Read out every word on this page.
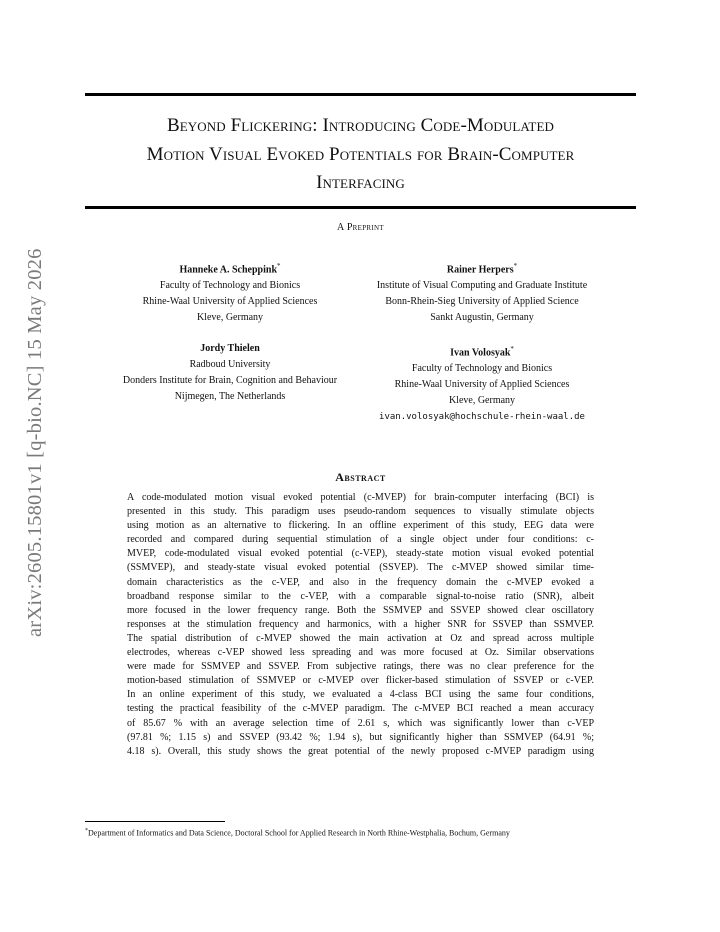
arXiv:2605.15801v1 [q-bio.NC] 15 May 2026
Beyond Flickering: Introducing Code-Modulated
Motion Visual Evoked Potentials for Brain-Computer
Interfacing
A Preprint
Hanneke A. Scheppink*
Faculty of Technology and Bionics
Rhine-Waal University of Applied Sciences
Kleve, Germany
Rainer Herpers*
Institute of Visual Computing and Graduate Institute
Bonn-Rhein-Sieg University of Applied Science
Sankt Augustin, Germany
Jordy Thielen
Radboud University
Donders Institute for Brain, Cognition and Behaviour
Nijmegen, The Netherlands
Ivan Volosyak*
Faculty of Technology and Bionics
Rhine-Waal University of Applied Sciences
Kleve, Germany
ivan.volosyak@hochschule-rhein-waal.de
Abstract
A code-modulated motion visual evoked potential (c-MVEP) for brain-computer interfacing (BCI) is
presented in this study. This paradigm uses pseudo-random sequences to visually stimulate objects
using motion as an alternative to flickering. In an offline experiment of this study, EEG data were
recorded and compared during sequential stimulation of a single object under four conditions: c-
MVEP, code-modulated visual evoked potential (c-VEP), steady-state motion visual evoked potential
(SSMVEP), and steady-state visual evoked potential (SSVEP). The c-MVEP showed similar time-
domain characteristics as the c-VEP, and also in the frequency domain the c-MVEP evoked a
broadband response similar to the c-VEP, with a comparable signal-to-noise ratio (SNR), albeit
more focused in the lower frequency range. Both the SSMVEP and SSVEP showed clear oscillatory
responses at the stimulation frequency and harmonics, with a higher SNR for SSVEP than SSMVEP.
The spatial distribution of c-MVEP showed the main activation at Oz and spread across multiple
electrodes, whereas c-VEP showed less spreading and was more focused at Oz. Similar observations
were made for SSMVEP and SSVEP. From subjective ratings, there was no clear preference for the
motion-based stimulation of SSMVEP or c-MVEP over flicker-based stimulation of SSVEP or c-VEP.
In an online experiment of this study, we evaluated a 4-class BCI using the same four conditions,
testing the practical feasibility of the c-MVEP paradigm. The c-MVEP BCI reached a mean accuracy
of 85.67 % with an average selection time of 2.61 s, which was significantly lower than c-VEP
(97.81 %; 1.15 s) and SSVEP (93.42 %; 1.94 s), but significantly higher than SSMVEP (64.91 %;
4.18 s). Overall, this study shows the great potential of the newly proposed c-MVEP paradigm using
*Department of Informatics and Data Science, Doctoral School for Applied Research in North Rhine-Westphalia, Bochum, Germany
